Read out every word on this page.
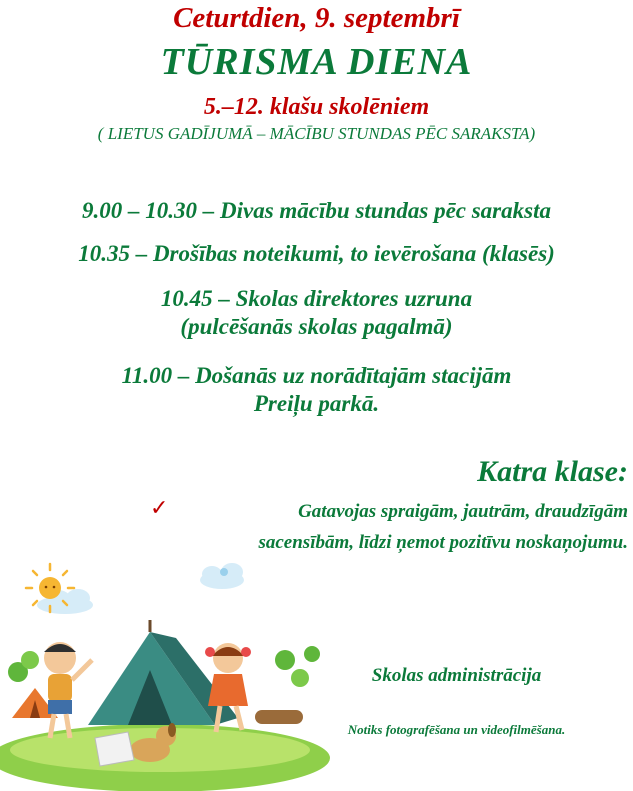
Ceturtdien, 9. septembrī
TŪRISMA DIENA
5.–12. klašu skolēniem
( LIETUS GADĪJUMĀ – MĀCĪBU STUNDAS PĒC SARAKSTA)
9.00 – 10.30 – Divas mācību stundas pēc saraksta
10.35 – Drošības noteikumi, to ievērošana (klasēs)
10.45 – Skolas direktores uzruna
(pulcēšanās skolas pagalmā)
11.00 – Došanās uz norādītajām stacijām
Preiļu parkā.
Katra klase:
✓	Gatavojas spraigām, jautrām, draudzīgām
sacensībām, līdzi ņemot pozitīvu noskaņojumu.
Skolas administrācija
Notiks fotografēšana un videofilmēšana.
